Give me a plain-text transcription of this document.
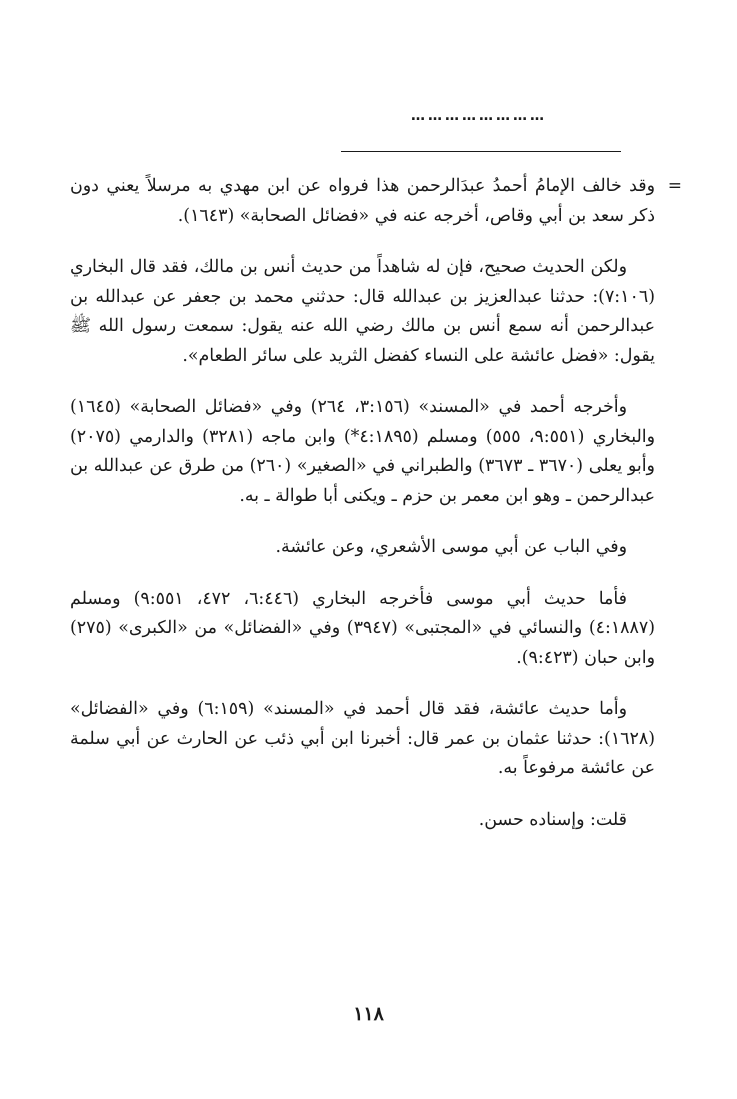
……………………
=

وقد خالف الإمامُ أحمدُ عبدَالرحمن هذا فرواه عن ابن مهدي به مرسلاً يعني دون ذكر سعد بن أبي وقاص، أخرجه عنه في «فضائل الصحابة» (١٦٤٣).

ولكن الحديث صحيح، فإن له شاهداً من حديث أنس بن مالك، فقد قال البخاري (٧:١٠٦): حدثنا عبدالعزيز بن عبدالله قال: حدثني محمد بن جعفر عن عبدالله بن عبدالرحمن أنه سمع أنس بن مالك رضي الله عنه يقول: سمعت رسول الله ﷺ يقول: «فضل عائشة على النساء كفضل الثريد على سائر الطعام».

وأخرجه أحمد في «المسند» (٣:١٥٦، ٢٦٤) وفي «فضائل الصحابة» (١٦٤٥) والبخاري (٩:٥٥١، ٥٥٥) ومسلم (٤:١٨٩٥*) وابن ماجه (٣٢٨١) والدارمي (٢٠٧٥) وأبو يعلى (٣٦٧٠ ـ ٣٦٧٣) والطبراني في «الصغير» (٢٦٠) من طرق عن عبدالله بن عبدالرحمن ـ وهو ابن معمر بن حزم ـ ويكنى أبا طوالة ـ به.

وفي الباب عن أبي موسى الأشعري، وعن عائشة.

فأما حديث أبي موسى فأخرجه البخاري (٦:٤٤٦، ٤٧٢، ٩:٥٥١) ومسلم (٤:١٨٨٧) والنسائي في «المجتبى» (٣٩٤٧) وفي «الفضائل» من «الكبرى» (٢٧٥) وابن حبان (٩:٤٢٣).

وأما حديث عائشة، فقد قال أحمد في «المسند» (٦:١٥٩) وفي «الفضائل» (١٦٢٨): حدثنا عثمان بن عمر قال: أخبرنا ابن أبي ذئب عن الحارث عن أبي سلمة عن عائشة مرفوعاً به.

قلت: وإسناده حسن.

١١٨
